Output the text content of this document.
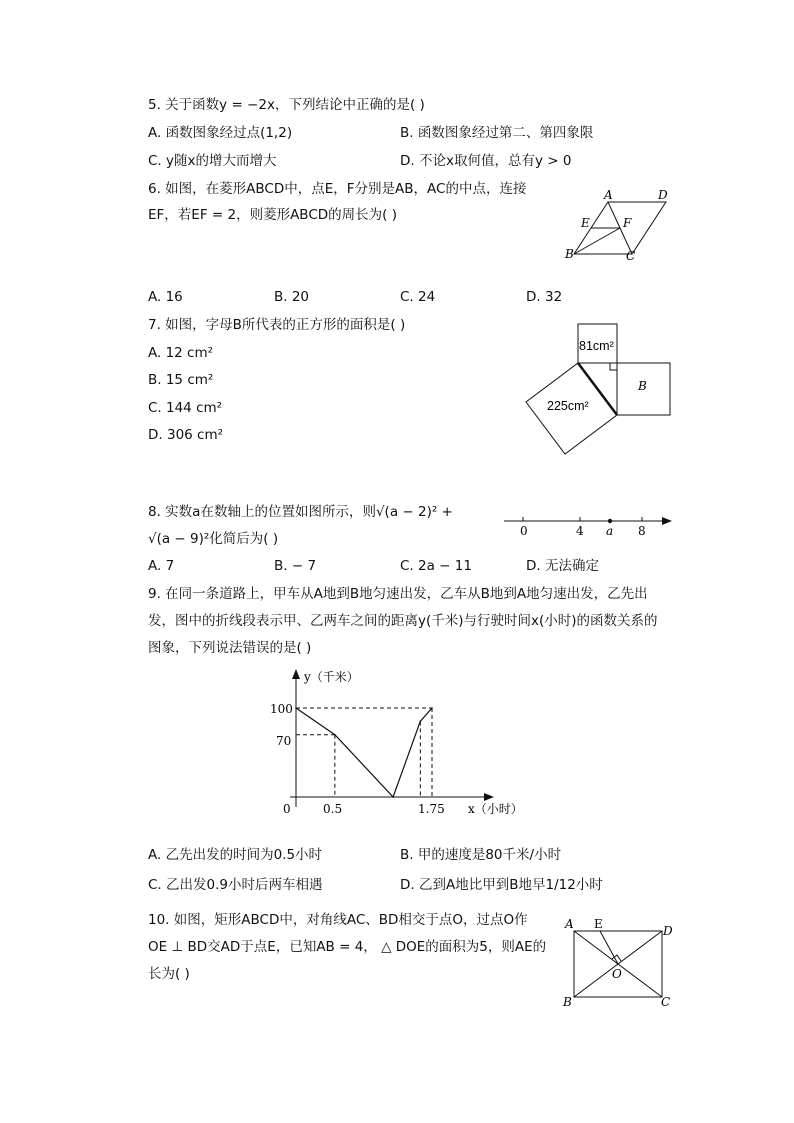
5. 关于函数y = −2x，下列结论中正确的是( )
A. 函数图象经过点(1,2)	B. 函数图象经过第二、第四象限
C. y随x的增大而增大	D. 不论x取何值，总有y > 0
6. 如图，在菱形ABCD中，点E，F分别是AB，AC的中点，连接
EF，若EF = 2，则菱形ABCD的周长为( )
A	D
E	F
B	C
A. 16	B. 20	C. 24	D. 32
7. 如图，字母B所代表的正方形的面积是( )
A. 12 cm²
B. 15 cm²
C. 144 cm²
D. 306 cm²
81cm²
225cm²
B
8. 实数a在数轴上的位置如图所示，则√(a − 2)² +
√(a − 9)²化简后为( )	0	4 a 8
A. 7	B. − 7	C. 2a − 11	D. 无法确定
9. 在同一条道路上，甲车从A地到B地匀速出发，乙车从B地到A地匀速出发，乙先出
发，图中的折线段表示甲、乙两车之间的距离y(千米)与行驶时间x(小时)的函数关系的
图象，下列说法错误的是( )
y（千米）
x（小时）
100
70
0	0.5	1.75
A. 乙先出发的时间为0.5小时	B. 甲的速度是80千米/小时
C. 乙出发0.9小时后两车相遇	D. 乙到A地比甲到B地早1/12小时
10. 如图，矩形ABCD中，对角线AC、BD相交于点O，过点O作
OE ⊥ BD交AD于点E，已知AB = 4， △ DOE的面积为5，则AE的
长为( )
A E	D
O
B	C
